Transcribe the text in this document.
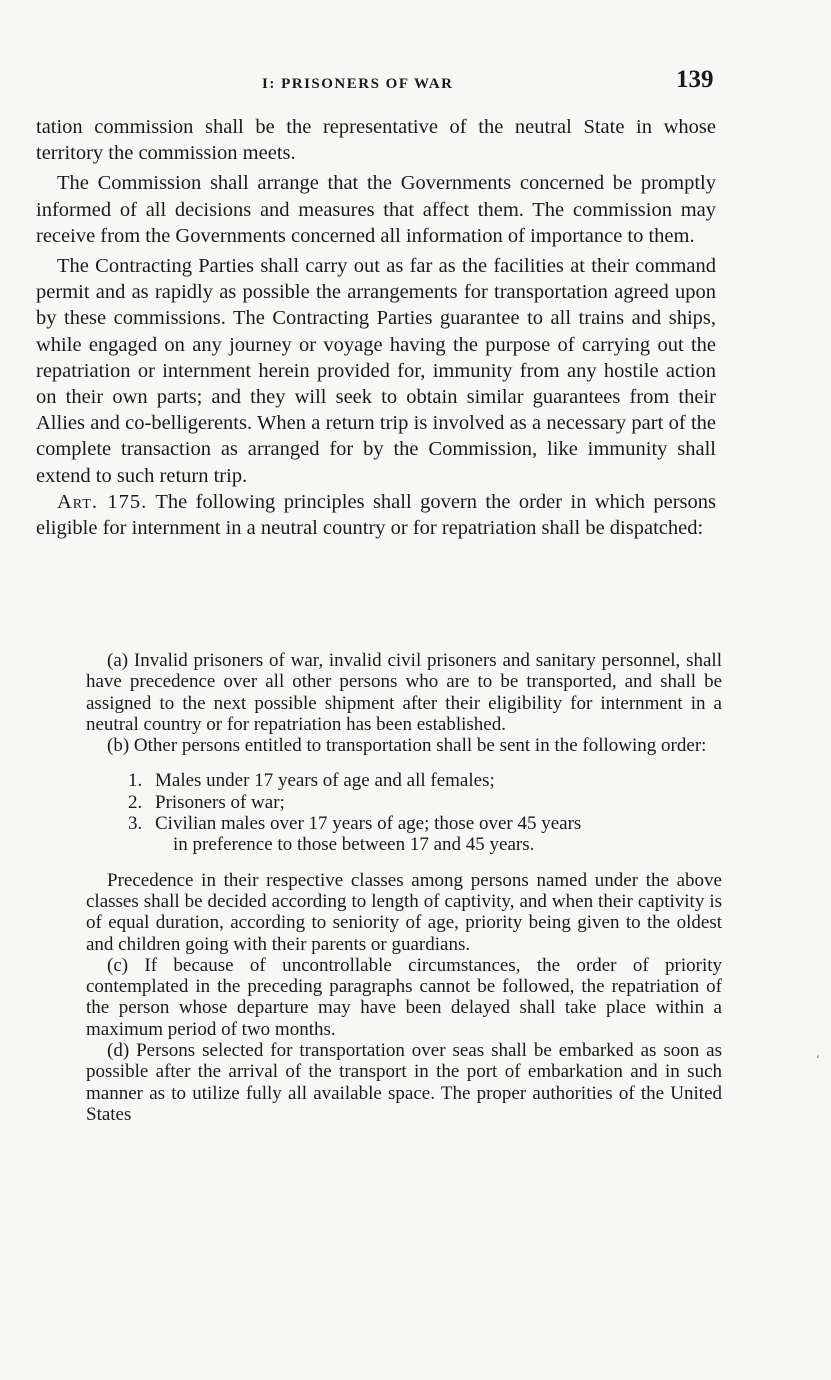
I: PRISONERS OF WAR	139

tation commission shall be the representative of the neutral State in whose territory the commission meets.

The Commission shall arrange that the Governments concerned be promptly informed of all decisions and measures that affect them. The commission may receive from the Governments concerned all information of importance to them.

The Contracting Parties shall carry out as far as the facilities at their command permit and as rapidly as possible the arrangements for transportation agreed upon by these commissions. The Contracting Parties guarantee to all trains and ships, while engaged on any journey or voyage having the purpose of carrying out the repatriation or internment herein provided for, immunity from any hostile action on their own parts; and they will seek to obtain similar guarantees from their Allies and co-belligerents. When a return trip is involved as a necessary part of the complete transaction as arranged for by the Commission, like immunity shall extend to such return trip.

Art. 175. The following principles shall govern the order in which persons eligible for internment in a neutral country or for repatriation shall be dispatched:

(a) Invalid prisoners of war, invalid civil prisoners and sanitary personnel, shall have precedence over all other persons who are to be transported, and shall be assigned to the next possible shipment after their eligibility for internment in a neutral country or for repatriation has been established.

(b) Other persons entitled to transportation shall be sent in the following order:

1. Males under 17 years of age and all females;
2. Prisoners of war;
3. Civilian males over 17 years of age; those over 45 years
in preference to those between 17 and 45 years.

Precedence in their respective classes among persons named under the above classes shall be decided according to length of captivity, and when their captivity is of equal duration, according to seniority of age, priority being given to the oldest and children going with their parents or guardians.

(c) If because of uncontrollable circumstances, the order of priority contemplated in the preceding paragraphs cannot be followed, the repatriation of the person whose departure may have been delayed shall take place within a maximum period of two months.

(d) Persons selected for transportation over seas shall be embarked as soon as possible after the arrival of the transport in the port of embarkation and in such manner as to utilize fully all available space. The proper authorities of the United States

ʻ
